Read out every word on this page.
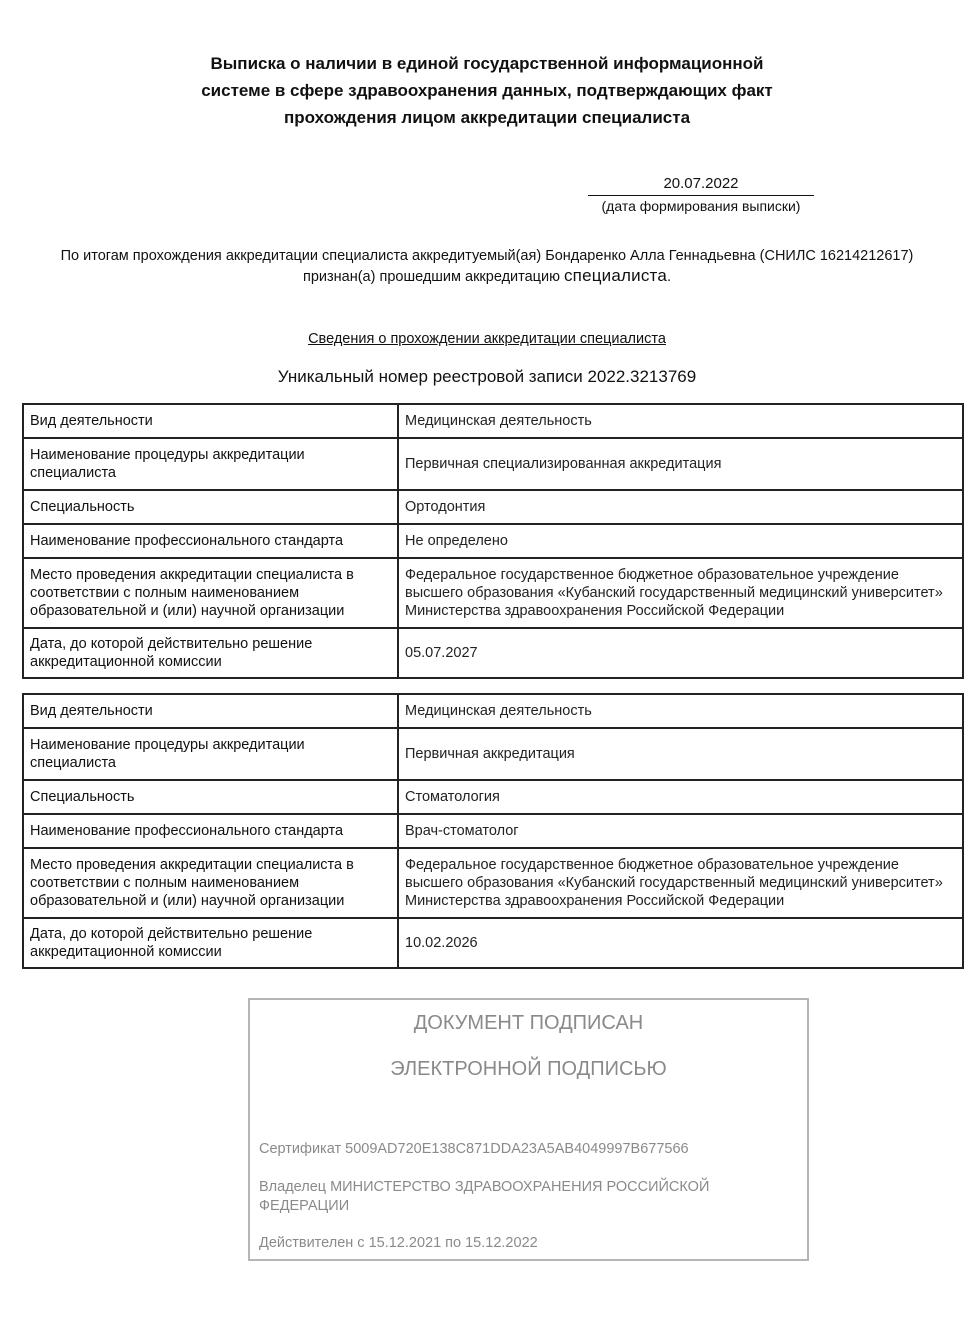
Выписка о наличии в единой государственной информационной
системе в сфере здравоохранения данных, подтверждающих факт
прохождения лицом аккредитации специалиста
20.07.2022
(дата формирования выписки)
По итогам прохождения аккредитации специалиста аккредитуемый(ая) Бондаренко Алла Геннадьевна (СНИЛС 16214212617)
признан(а) прошедшим аккредитацию специалиста.
Сведения о прохождении аккредитации специалиста
Уникальный номер реестровой записи 2022.3213769
Вид деятельности	Медицинская деятельность
Наименование процедуры аккредитации специалиста	Первичная специализированная аккредитация
Специальность	Ортодонтия
Наименование профессионального стандарта	Не определено
Место проведения аккредитации специалиста в соответствии с полным наименованием образовательной и (или) научной организации	Федеральное государственное бюджетное образовательное учреждение высшего образования «Кубанский государственный медицинский университет» Министерства здравоохранения Российской Федерации
Дата, до которой действительно решение аккредитационной комиссии	05.07.2027
Вид деятельности	Медицинская деятельность
Наименование процедуры аккредитации специалиста	Первичная аккредитация
Специальность	Стоматология
Наименование профессионального стандарта	Врач-стоматолог
Место проведения аккредитации специалиста в соответствии с полным наименованием образовательной и (или) научной организации	Федеральное государственное бюджетное образовательное учреждение высшего образования «Кубанский государственный медицинский университет» Министерства здравоохранения Российской Федерации
Дата, до которой действительно решение аккредитационной комиссии	10.02.2026
ДОКУМЕНТ ПОДПИСАН
ЭЛЕКТРОННОЙ ПОДПИСЬЮ
Сертификат 5009AD720E138C871DDA23A5AB4049997B677566
Владелец МИНИСТЕРСТВО ЗДРАВООХРАНЕНИЯ РОССИЙСКОЙ ФЕДЕРАЦИИ
Действителен с 15.12.2021 по 15.12.2022
